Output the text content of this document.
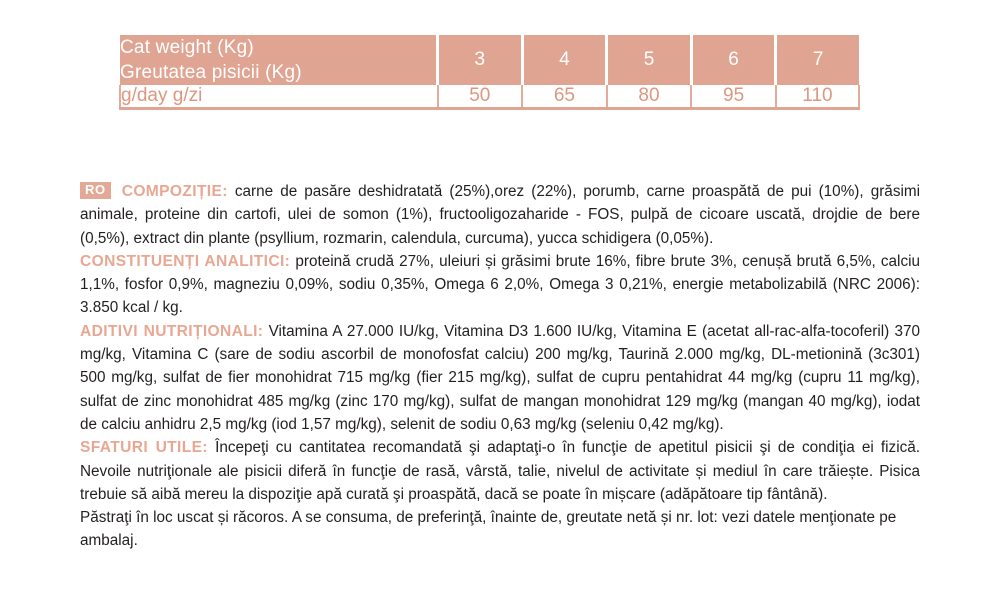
Cat weight (Kg)
Greutatea pisicii (Kg)	3	4	5	6	7
g/day g/zi	50	65	80	95	110

RO COMPOZIȚIE: carne de pasăre deshidratată (25%),orez (22%), porumb, carne proaspătă de pui (10%), grăsimi animale, proteine din cartofi, ulei de somon (1%), fructooligozaharide - FOS, pulpă de cicoare uscată, drojdie de bere (0,5%), extract din plante (psyllium, rozmarin, calendula, curcuma), yucca schidigera (0,05%).

CONSTITUENȚI ANALITICI: proteină crudă 27%, uleiuri și grăsimi brute 16%, fibre brute 3%, cenușă brută 6,5%, calciu 1,1%, fosfor 0,9%, magneziu 0,09%, sodiu 0,35%, Omega 6 2,0%, Omega 3 0,21%, energie metabolizabilă (NRC 2006): 3.850 kcal / kg.

ADITIVI NUTRIȚIONALI: Vitamina A 27.000 IU/kg, Vitamina D3 1.600 IU/kg, Vitamina E (acetat all-rac-alfa-tocoferil) 370 mg/kg, Vitamina C (sare de sodiu ascorbil de monofosfat calciu) 200 mg/kg, Taurină 2.000 mg/kg, DL-metionină (3c301) 500 mg/kg, sulfat de fier monohidrat 715 mg/kg (fier 215 mg/kg), sulfat de cupru pentahidrat 44 mg/kg (cupru 11 mg/kg), sulfat de zinc monohidrat 485 mg/kg (zinc 170 mg/kg), sulfat de mangan monohidrat 129 mg/kg (mangan 40 mg/kg), iodat de calciu anhidru 2,5 mg/kg (iod 1,57 mg/kg), selenit de sodiu 0,63 mg/kg (seleniu 0,42 mg/kg).

SFATURI UTILE: Începeţi cu cantitatea recomandată şi adaptaţi-o în funcţie de apetitul pisicii şi de condiţia ei fizică. Nevoile nutriţionale ale pisicii diferă în funcţie de rasă, vârstă, talie, nivelul de activitate și mediul în care trăiește. Pisica trebuie să aibă mereu la dispoziţie apă curată şi proaspătă, dacă se poate în mișcare (adăpătoare tip fântână).

Păstraţi în loc uscat și răcoros. A se consuma, de preferinţă, înainte de, greutate netă și nr. lot: vezi datele menţionate pe ambalaj.
